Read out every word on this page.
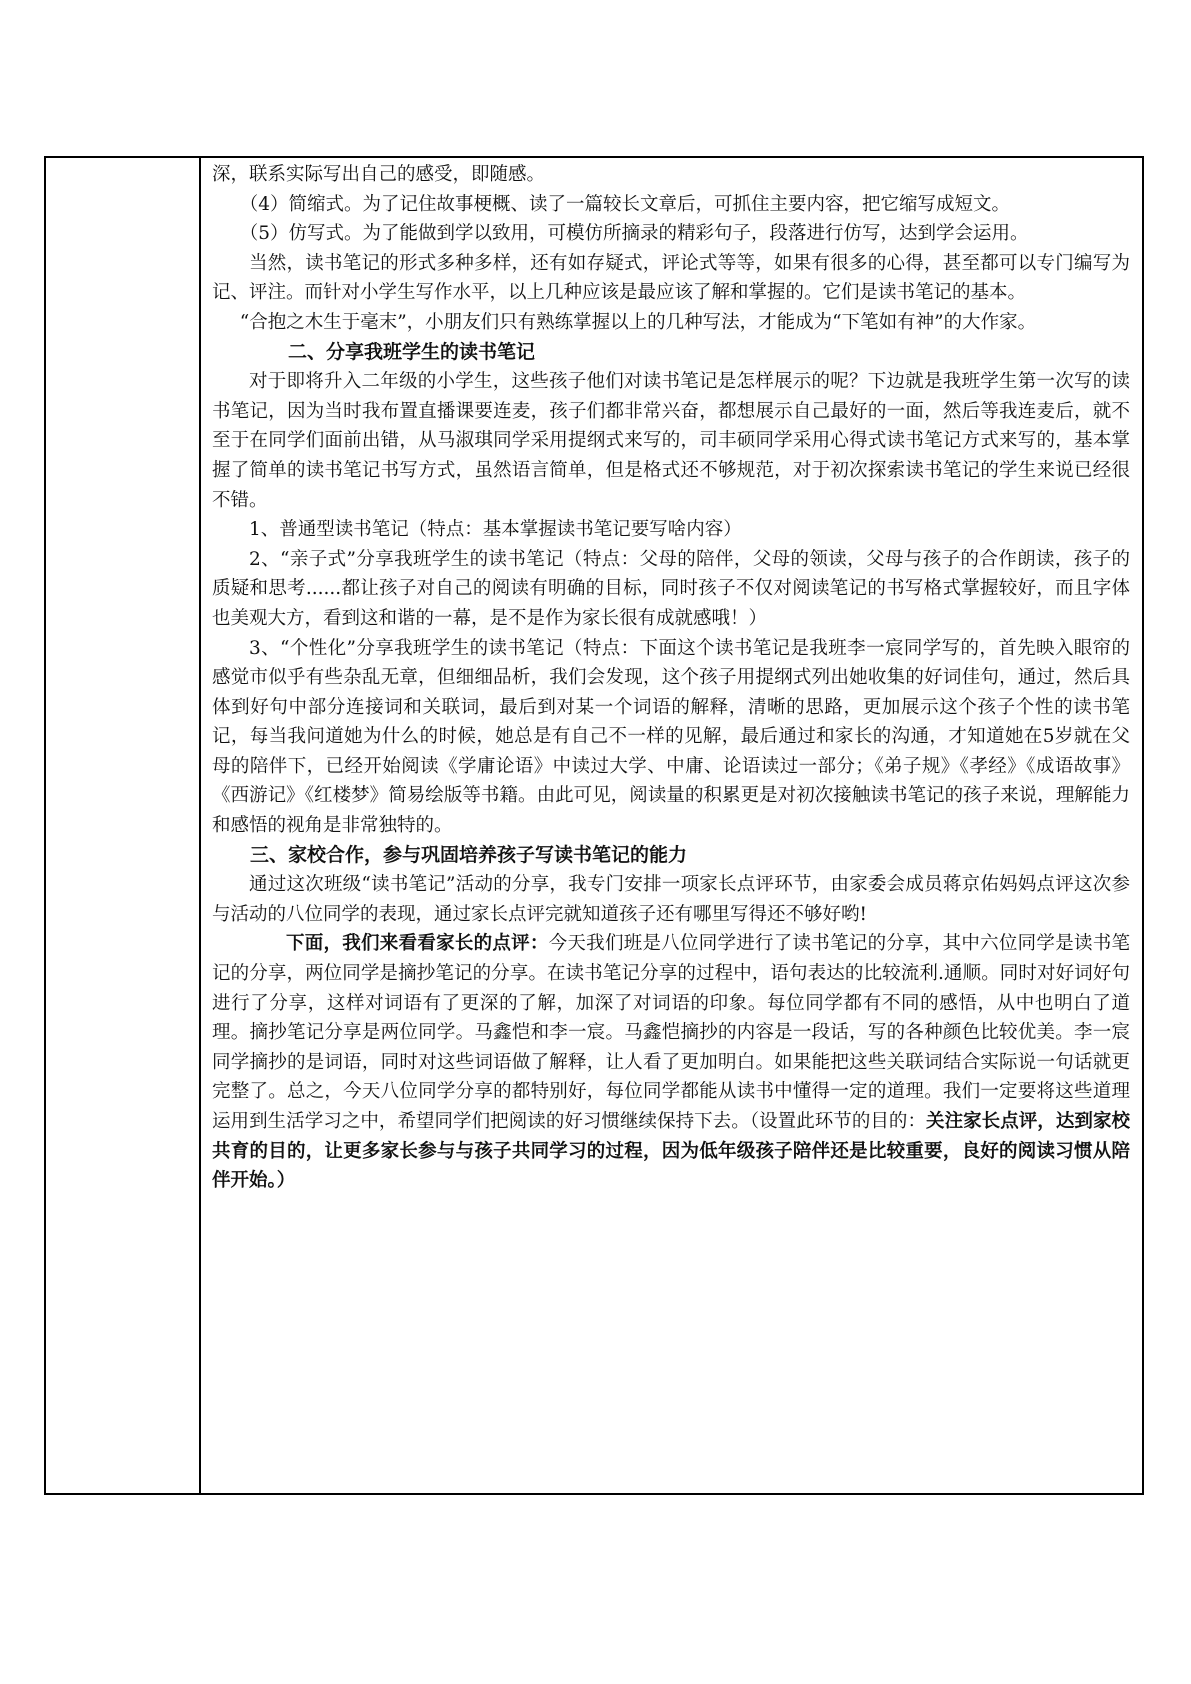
深，联系实际写出自己的感受，即随感。

（4）简缩式。为了记住故事梗概、读了一篇较长文章后，可抓住主要内容，把它缩写成短文。

（5）仿写式。为了能做到学以致用，可模仿所摘录的精彩句子，段落进行仿写，达到学会运用。

当然，读书笔记的形式多种多样，还有如存疑式，评论式等等，如果有很多的心得，甚至都可以专门编写为记、评注。而针对小学生写作水平，以上几种应该是最应该了解和掌握的。它们是读书笔记的基本。

“合抱之木生于毫末”，小朋友们只有熟练掌握以上的几种写法，才能成为“下笔如有神”的大作家。

二、分享我班学生的读书笔记

对于即将升入二年级的小学生，这些孩子他们对读书笔记是怎样展示的呢？下边就是我班学生第一次写的读书笔记，因为当时我布置直播课要连麦，孩子们都非常兴奋，都想展示自己最好的一面，然后等我连麦后，就不至于在同学们面前出错，从马淑琪同学采用提纲式来写的，司丰硕同学采用心得式读书笔记方式来写的，基本掌握了简单的读书笔记书写方式，虽然语言简单，但是格式还不够规范，对于初次探索读书笔记的学生来说已经很不错。

1、普通型读书笔记（特点：基本掌握读书笔记要写啥内容）

2、“亲子式”分享我班学生的读书笔记（特点：父母的陪伴，父母的领读，父母与孩子的合作朗读，孩子的质疑和思考......都让孩子对自己的阅读有明确的目标，同时孩子不仅对阅读笔记的书写格式掌握较好，而且字体也美观大方，看到这和谐的一幕，是不是作为家长很有成就感哦！）

3、“个性化”分享我班学生的读书笔记（特点：下面这个读书笔记是我班李一宸同学写的，首先映入眼帘的感觉市似乎有些杂乱无章，但细细品析，我们会发现，这个孩子用提纲式列出她收集的好词佳句，通过，然后具体到好句中部分连接词和关联词，最后到对某一个词语的解释，清晰的思路，更加展示这个孩子个性的读书笔记，每当我问道她为什么的时候，她总是有自己不一样的见解，最后通过和家长的沟通，才知道她在5岁就在父母的陪伴下，已经开始阅读《学庸论语》中读过大学、中庸、论语读过一部分；《弟子规》《孝经》《成语故事》《西游记》《红楼梦》简易绘版等书籍。由此可见，阅读量的积累更是对初次接触读书笔记的孩子来说，理解能力和感悟的视角是非常独特的。

三、家校合作，参与巩固培养孩子写读书笔记的能力

通过这次班级“读书笔记”活动的分享，我专门安排一项家长点评环节，由家委会成员蒋京佑妈妈点评这次参与活动的八位同学的表现，通过家长点评完就知道孩子还有哪里写得还不够好哟!

下面，我们来看看家长的点评：今天我们班是八位同学进行了读书笔记的分享，其中六位同学是读书笔记的分享，两位同学是摘抄笔记的分享。在读书笔记分享的过程中，语句表达的比较流利.通顺。同时对好词好句进行了分享，这样对词语有了更深的了解，加深了对词语的印象。每位同学都有不同的感悟，从中也明白了道理。摘抄笔记分享是两位同学。马鑫恺和李一宸。马鑫恺摘抄的内容是一段话，写的各种颜色比较优美。李一宸同学摘抄的是词语，同时对这些词语做了解释，让人看了更加明白。如果能把这些关联词结合实际说一句话就更完整了。总之，今天八位同学分享的都特别好，每位同学都能从读书中懂得一定的道理。我们一定要将这些道理运用到生活学习之中，希望同学们把阅读的好习惯继续保持下去。（设置此环节的目的：关注家长点评，达到家校共育的目的，让更多家长参与与孩子共同学习的过程，因为低年级孩子陪伴还是比较重要，良好的阅读习惯从陪伴开始。）
